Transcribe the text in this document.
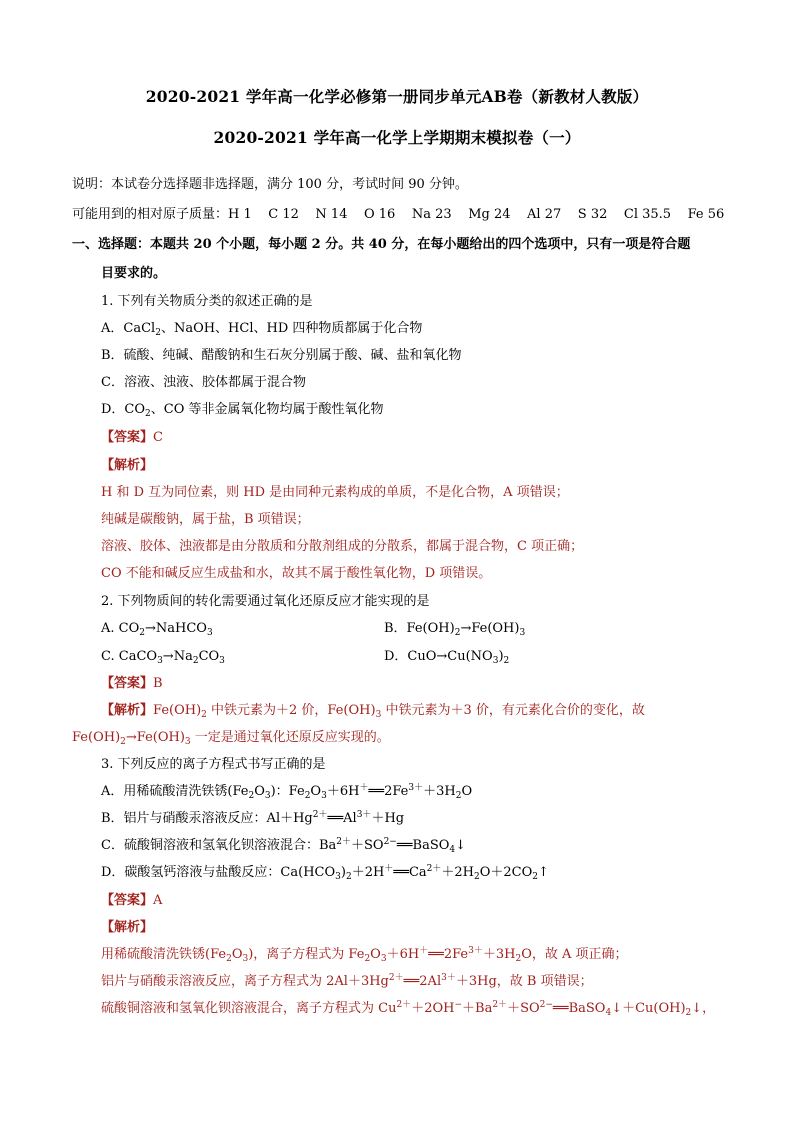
2020-2021 学年高一化学必修第一册同步单元AB卷（新教材人教版）
2020-2021 学年高一化学上学期期末模拟卷（一）
说明：本试卷分选择题非选择题，满分 100 分，考试时间 90 分钟。
可能用到的相对原子质量：H 1    C 12    N 14    O 16    Na 23    Mg 24    Al 27    S 32    Cl 35.5    Fe 56
一、选择题：本题共 20 个小题，每小题 2 分。共 40 分，在每小题给出的四个选项中，只有一项是符合题
目要求的。
1. 下列有关物质分类的叙述正确的是
A．CaCl$_2$、NaOH、HCl、HD 四种物质都属于化合物
B．硫酸、纯碱、醋酸钠和生石灰分别属于酸、碱、盐和氧化物
C．溶液、浊液、胶体都属于混合物
D．$CO_2$、CO 等非金属氧化物均属于酸性氧化物
【答案】C
【解析】
H 和 D 互为同位素，则 HD 是由同种元素构成的单质，不是化合物，A 项错误；
纯碱是碳酸钠，属于盐，B 项错误；
溶液、胶体、浊液都是由分散质和分散剂组成的分散系，都属于混合物，C 项正确；
CO 不能和碱反应生成盐和水，故其不属于酸性氧化物，D 项错误。
2. 下列物质间的转化需要通过氧化还原反应才能实现的是
A. $CO_2\to NaHCO_3$	B．$Fe(OH)_2\to Fe(OH)_3$
C. $CaCO_3\to Na_2CO_3$	D．$CuO\to Cu(NO_3)_2$
【答案】B
【解析】$Fe(OH)_2$ 中铁元素为＋2 价，$Fe(OH)_3$ 中铁元素为＋3 价，有元素化合价的变化，故
$Fe(OH)_2\to Fe(OH)_3$ 一定是通过氧化还原反应实现的。
3. 下列反应的离子方程式书写正确的是
A．用稀硫酸清洗铁锈$(Fe_2O_3)$：$Fe_2O_3+6H^+══2Fe^{3+}+3H_2O$
B．铝片与硝酸汞溶液反应：$Al+Hg^{2+}══Al^{3+}+Hg$
C．硫酸铜溶液和氢氧化钡溶液混合：$Ba^{2+}+SO^{2-}══BaSO_4↓$
D．碳酸氢钙溶液与盐酸反应：$Ca(HCO_3)_2+2H^+══Ca^{2+}+2H_2O+2CO_2↑$
【答案】A
【解析】
用稀硫酸清洗铁锈$(Fe_2O_3)$，离子方程式为 $Fe_2O_3+6H^+══2Fe^{3+}+3H_2O$，故 A 项正确；
铝片与硝酸汞溶液反应，离子方程式为 $2Al+3Hg^{2+}══2Al^{3+}+3Hg$，故 B 项错误；
硫酸铜溶液和氢氧化钡溶液混合，离子方程式为 $Cu^{2+}+2OH^-+Ba^{2+}+SO^{2-}══BaSO_4↓+Cu(OH)_2↓$，
